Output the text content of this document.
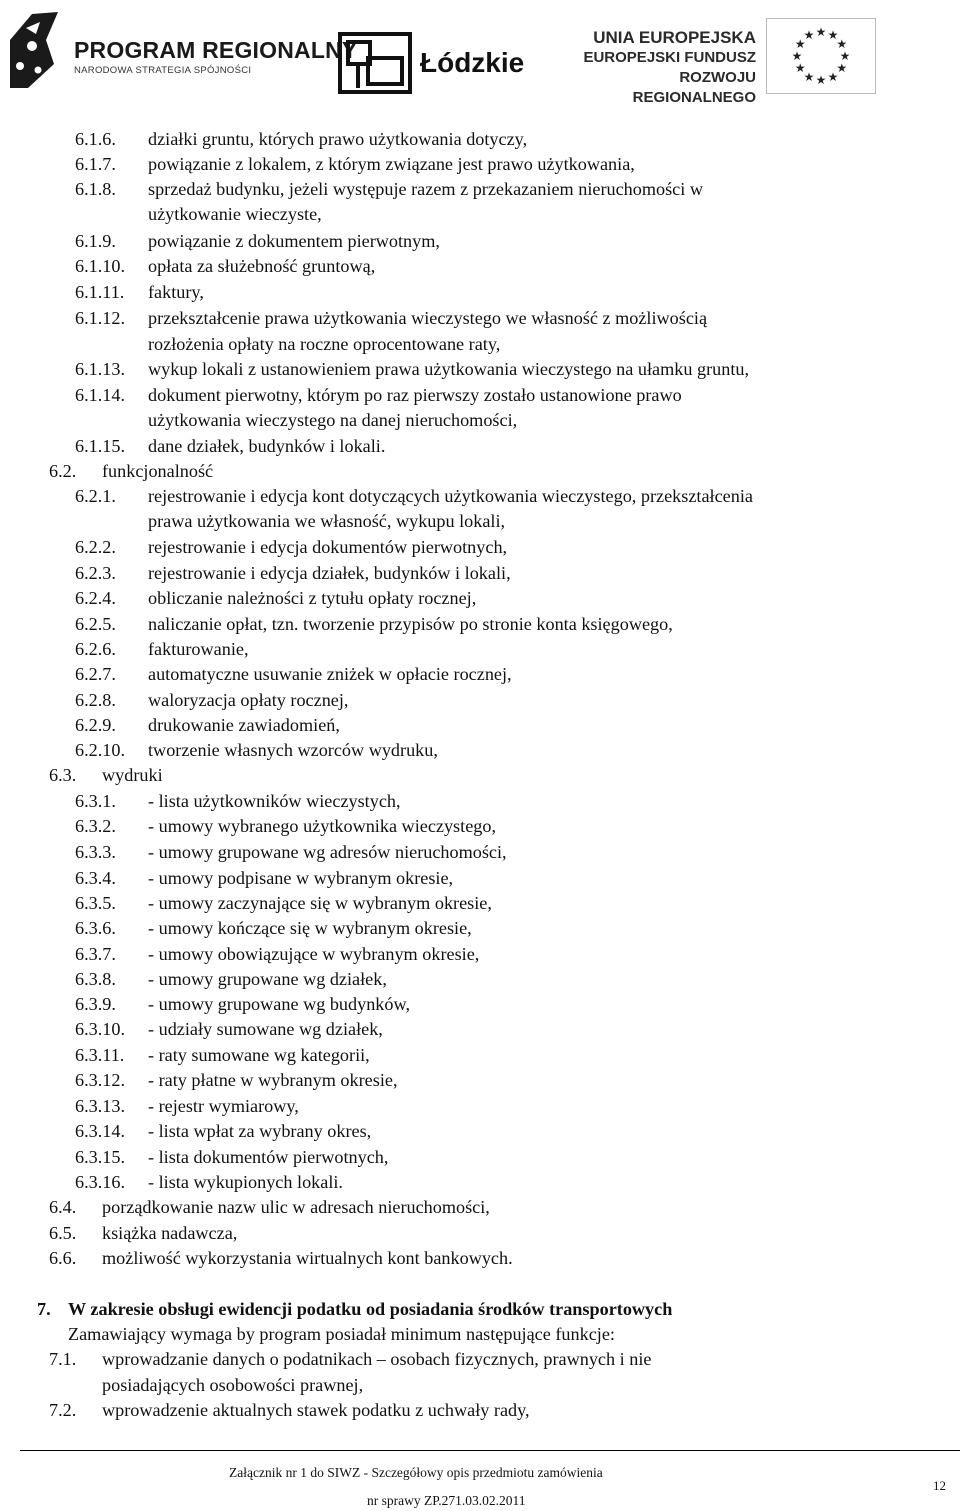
PROGRAM REGIONALNY
NARODOWA STRATEGIA SPÓJNOŚCI	Łódzkie
UNIA EUROPEJSKA
EUROPEJSKI FUNDUSZ
ROZWOJU REGIONALNEGO
★ ★
★
★
★
★
★
★
★
★
★
★
6.1.6. działki gruntu, których prawo użytkowania dotyczy,
6.1.7. powiązanie z lokalem, z którym związane jest prawo użytkowania,
6.1.8. sprzedaż budynku, jeżeli występuje razem z przekazaniem nieruchomości w
użytkowanie wieczyste,
6.1.9. powiązanie z dokumentem pierwotnym,
6.1.10. opłata za służebność gruntową,
6.1.11. faktury,
6.1.12. przekształcenie prawa użytkowania wieczystego we własność z możliwością
rozłożenia opłaty na roczne oprocentowane raty,
6.1.13. wykup lokali z ustanowieniem prawa użytkowania wieczystego na ułamku gruntu,
6.1.14. dokument pierwotny, którym po raz pierwszy zostało ustanowione prawo
użytkowania wieczystego na danej nieruchomości,
6.1.15. dane działek, budynków i lokali.
6.2. funkcjonalność
6.2.1. rejestrowanie i edycja kont dotyczących użytkowania wieczystego, przekształcenia
prawa użytkowania we własność, wykupu lokali,
6.2.2. rejestrowanie i edycja dokumentów pierwotnych,
6.2.3. rejestrowanie i edycja działek, budynków i lokali,
6.2.4. obliczanie należności z tytułu opłaty rocznej,
6.2.5. naliczanie opłat, tzn. tworzenie przypisów po stronie konta księgowego,
6.2.6. fakturowanie,
6.2.7. automatyczne usuwanie zniżek w opłacie rocznej,
6.2.8. waloryzacja opłaty rocznej,
6.2.9. drukowanie zawiadomień,
6.2.10. tworzenie własnych wzorców wydruku,
6.3. wydruki
6.3.1. - lista użytkowników wieczystych,
6.3.2. - umowy wybranego użytkownika wieczystego,
6.3.3. - umowy grupowane wg adresów nieruchomości,
6.3.4. - umowy podpisane w wybranym okresie,
6.3.5. - umowy zaczynające się w wybranym okresie,
6.3.6. - umowy kończące się w wybranym okresie,
6.3.7. - umowy obowiązujące w wybranym okresie,
6.3.8. - umowy grupowane wg działek,
6.3.9. - umowy grupowane wg budynków,
6.3.10. - udziały sumowane wg działek,
6.3.11. - raty sumowane wg kategorii,
6.3.12. - raty płatne w wybranym okresie,
6.3.13. - rejestr wymiarowy,
6.3.14. - lista wpłat za wybrany okres,
6.3.15. - lista dokumentów pierwotnych,
6.3.16. - lista wykupionych lokali.
6.4. porządkowanie nazw ulic w adresach nieruchomości,
6.5. książka nadawcza,
6.6. możliwość wykorzystania wirtualnych kont bankowych.
7. W zakresie obsługi ewidencji podatku od posiadania środków transportowych
Zamawiający wymaga by program posiadał minimum następujące funkcje:
7.1. wprowadzanie danych o podatnikach – osobach fizycznych, prawnych i nie
posiadających osobowości prawnej,
7.2. wprowadzenie aktualnych stawek podatku z uchwały rady,
Załącznik nr 1 do SIWZ - Szczegółowy opis przedmiotu zamówienia
nr sprawy ZP.271.03.02.2011
12
